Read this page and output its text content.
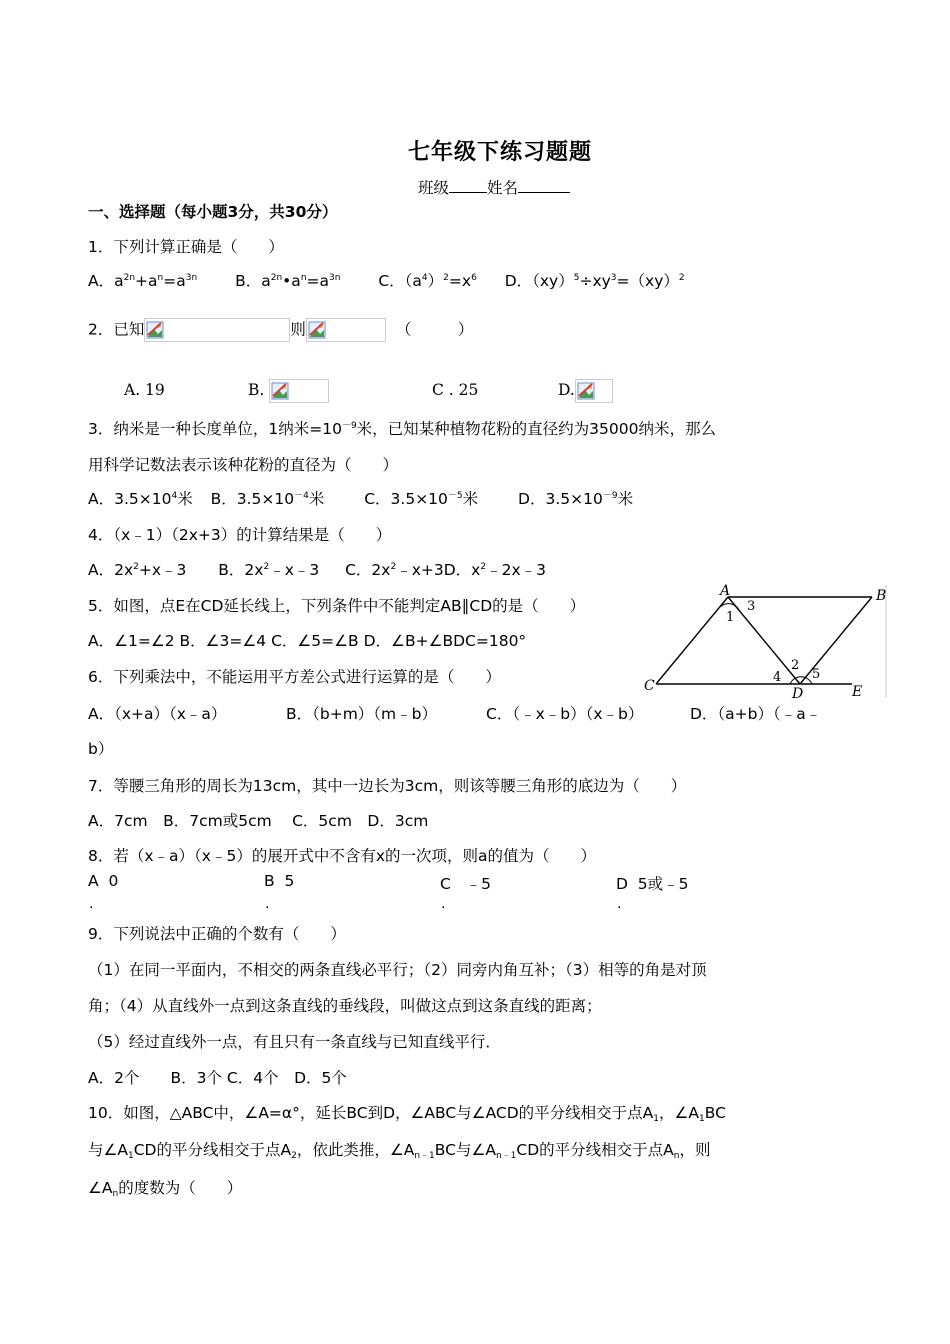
七年级下练习题题
班级 姓名
一、选择题（每小题3分，共30分）
1．下列计算正确是（　　）
A．$a^{2n}+a^n=a^{3n}$ B．$a^{2n}•a^n=a^{3n}$ C．$(a^4)^2=x^6$ D．$(xy)^5\div xy^3=(xy)^2$
2．已知	则	（　　　）
A. 19	B.	C . 25	D.
3．纳米是一种长度单位，1纳米$=10^{-9}$米，已知某种植物花粉的直径约为35000纳米，那么
用科学记数法表示该种花粉的直径为（　　）
A．$3.5\times 10^4$米 B．$3.5\times 10^{-4}$米	C．$3.5\times 10^{-5}$米	D．$3.5\times 10^{-9}$米
4．（x﹣1）（2x+3）的计算结果是（　　）
A．$2x^2+x﹣3$ B．$2x^2﹣x﹣3$ C．$2x^2﹣x+3D$．$x^2﹣2x﹣3$
5．如图，点E在CD延长线上，下列条件中不能判定AB∥CD的是（　　）
A．∠1=∠2 B．∠3=∠4 C．∠5=∠B D．∠B+∠BDC=180°
A	B
C	D	E
1
2
3
4 5
6．下列乘法中，不能运用平方差公式进行运算的是（　　）
A．（x+a）（x﹣a）	B．（b+m）（m﹣b）	C．（﹣x﹣b）（x﹣b）	D．（a+b）（﹣a﹣
b）
7．等腰三角形的周长为13cm，其中一边长为3cm，则该等腰三角形的底边为（　　）
A．7cm　B．7cm或5cm　 C．5cm　D．3cm
8．若（x﹣a）（x﹣5）的展开式中不含有x的一次项，则a的值为（　　）
A 0	B 5	C ﹣5	D 5或﹣5
.	.	.	.
9．下列说法中正确的个数有（　　）
（1）在同一平面内，不相交的两条直线必平行；（2）同旁内角互补；（3）相等的角是对顶
角；（4）从直线外一点到这条直线的垂线段，叫做这点到这条直线的距离；
（5）经过直线外一点，有且只有一条直线与已知直线平行．
A．2个　　B．3个 C．4个　D．5个
10．如图，△ABC中，∠A=α°，延长BC到D，∠ABC与∠ACD的平分线相交于点$A_1$，$\angle A_1BC$
与$\angle A_1CD$的平分线相交于点$A_2$，依此类推，$\angle A_{n﹣1}BC$与$\angle A_{n﹣1}CD$的平分线相交于点$A_n$，则
$\angle A_n$的度数为（　　）
